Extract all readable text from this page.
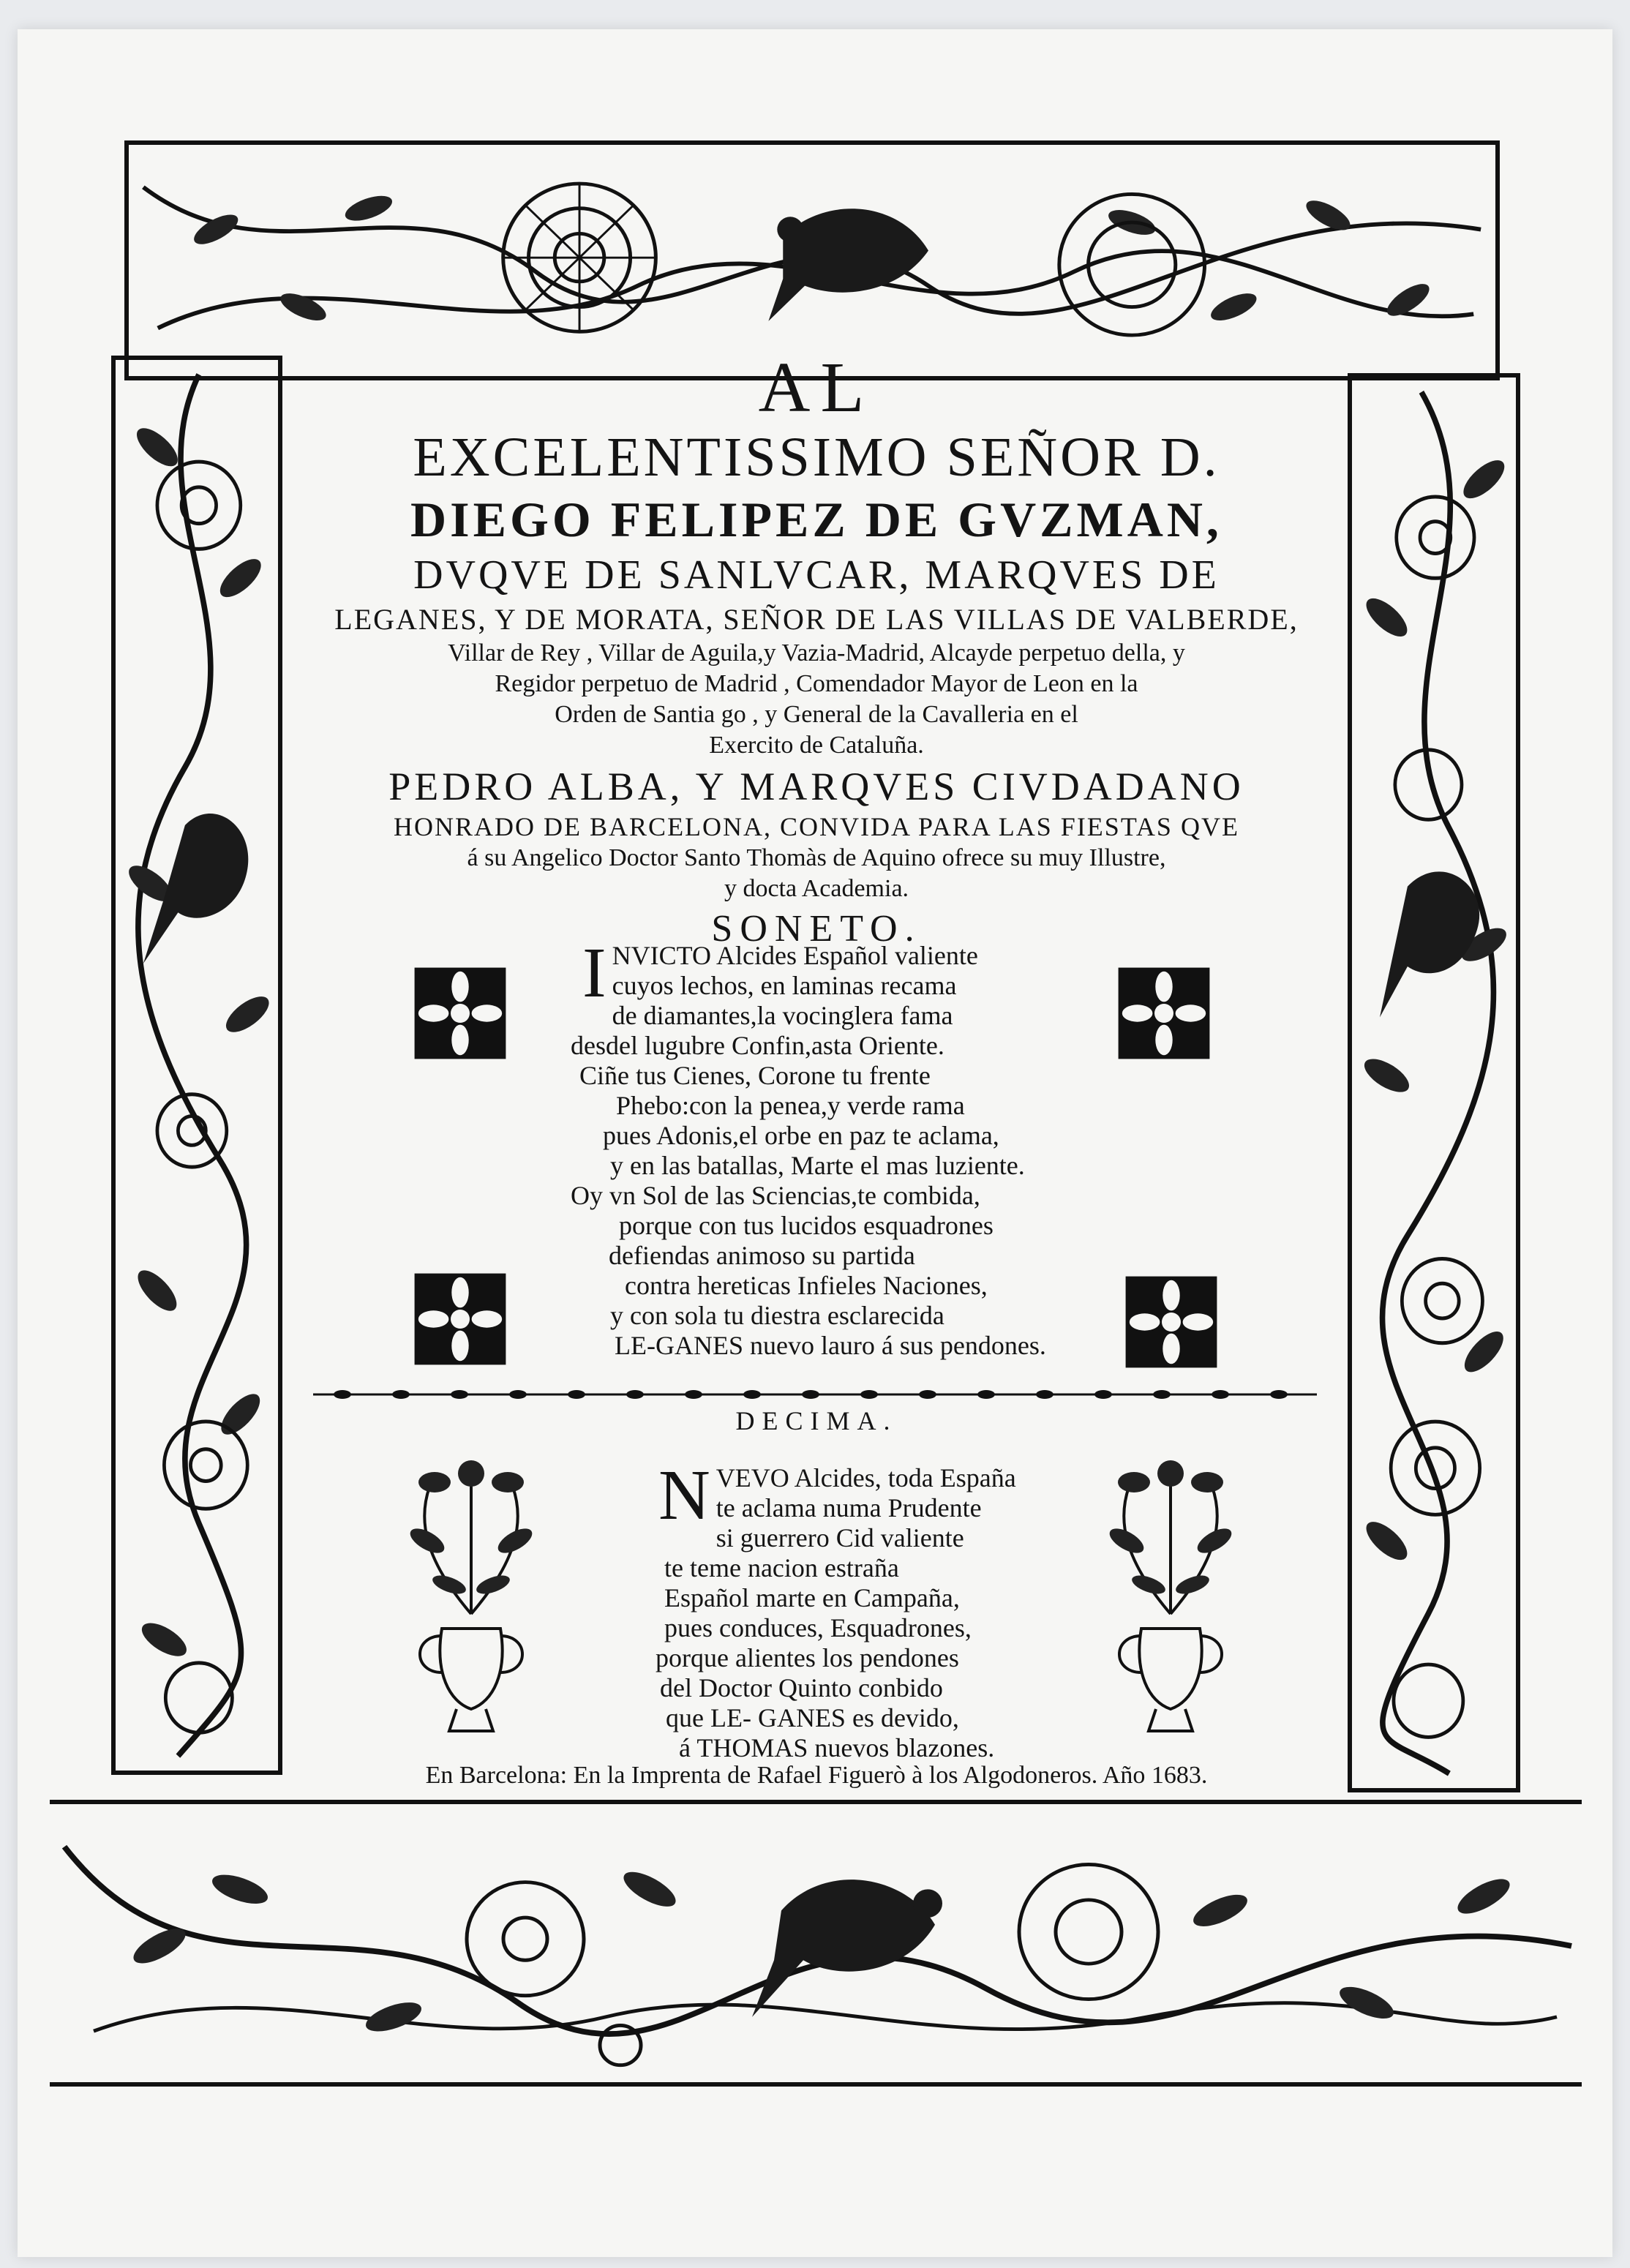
AL
EXCELENTISSIMO SEÑOR D.
DIEGO FELIPEZ DE GVZMAN,
DVQVE DE SANLVCAR, MARQVES DE
LEGANES, Y DE MORATA, SEÑOR DE LAS VILLAS DE VALBERDE,
Villar de Rey , Villar de Aguila,y Vazia-Madrid, Alcayde perpetuo della, y
Regidor perpetuo de Madrid , Comendador Mayor de Leon en la
Orden de Santia go , y General de la Cavalleria en el
Exercito de Cataluña.
PEDRO ALBA, Y MARQVES CIVDADANO
HONRADO DE BARCELONA, CONVIDA PARA LAS FIESTAS QVE
á su Angelico Doctor Santo Thomàs de Aquino ofrece su muy Illustre,
y docta Academia.
SONETO.
I NVICTO Alcides Español valiente
cuyos lechos, en laminas recama
de diamantes,la vocinglera fama
desdel lugubre Confin,asta Oriente.
Ciñe tus Cienes, Corone tu frente
Phebo:con la penea,y verde rama
pues Adonis,el orbe en paz te aclama,
y en las batallas, Marte el mas luziente.
Oy vn Sol de las Sciencias,te combida,
porque con tus lucidos esquadrones
defiendas animoso su partida
contra hereticas Infieles Naciones,
y con sola tu diestra esclarecida
LE-GANES nuevo lauro á sus pendones.
DECIMA.
N VEVO Alcides, toda España
te aclama numa Prudente
si guerrero Cid valiente
te teme nacion estraña
Español marte en Campaña,
pues conduces, Esquadrones,
porque alientes los pendones
del Doctor Quinto conbido
que LE- GANES es devido,
á THOMAS nuevos blazones.
En Barcelona: En la Imprenta de Rafael Figuerò à los Algodoneros. Año 1683.
